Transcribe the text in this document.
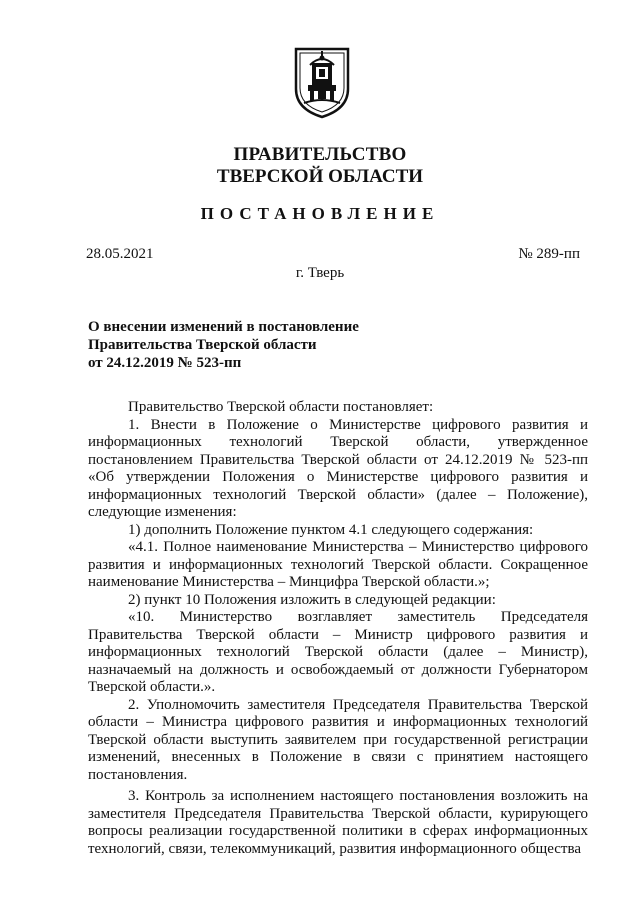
ПРАВИТЕЛЬСТВО
ТВЕРСКОЙ ОБЛАСТИ
ПОСТАНОВЛЕНИЕ
28.05.2021	№ 289-пп
г. Тверь
О внесении изменений в постановление
Правительства Тверской области
от 24.12.2019 № 523-пп

Правительство Тверской области постановляет:

1. Внести в Положение о Министерстве цифрового развития и информационных технологий Тверской области, утвержденное постановлением Правительства Тверской области от 24.12.2019 № 523-пп «Об утверждении Положения о Министерстве цифрового развития и информационных технологий Тверской области» (далее – Положение), следующие изменения:

1) дополнить Положение пунктом 4.1 следующего содержания:

«4.1. Полное наименование Министерства – Министерство цифрового развития и информационных технологий Тверской области. Сокращенное наименование Министерства – Минцифра Тверской области.»;

2) пункт 10 Положения изложить в следующей редакции:

«10. Министерство возглавляет заместитель Председателя Правительства Тверской области – Министр цифрового развития и информационных технологий Тверской области (далее – Министр), назначаемый на должность и освобождаемый от должности Губернатором Тверской области.».

2. Уполномочить заместителя Председателя Правительства Тверской области – Министра цифрового развития и информационных технологий Тверской области выступить заявителем при государственной регистрации изменений, внесенных в Положение в связи с принятием настоящего постановления.

3. Контроль за исполнением настоящего постановления возложить на заместителя Председателя Правительства Тверской области, курирующего вопросы реализации государственной политики в сферах информационных технологий, связи, телекоммуникаций, развития информационного общества
